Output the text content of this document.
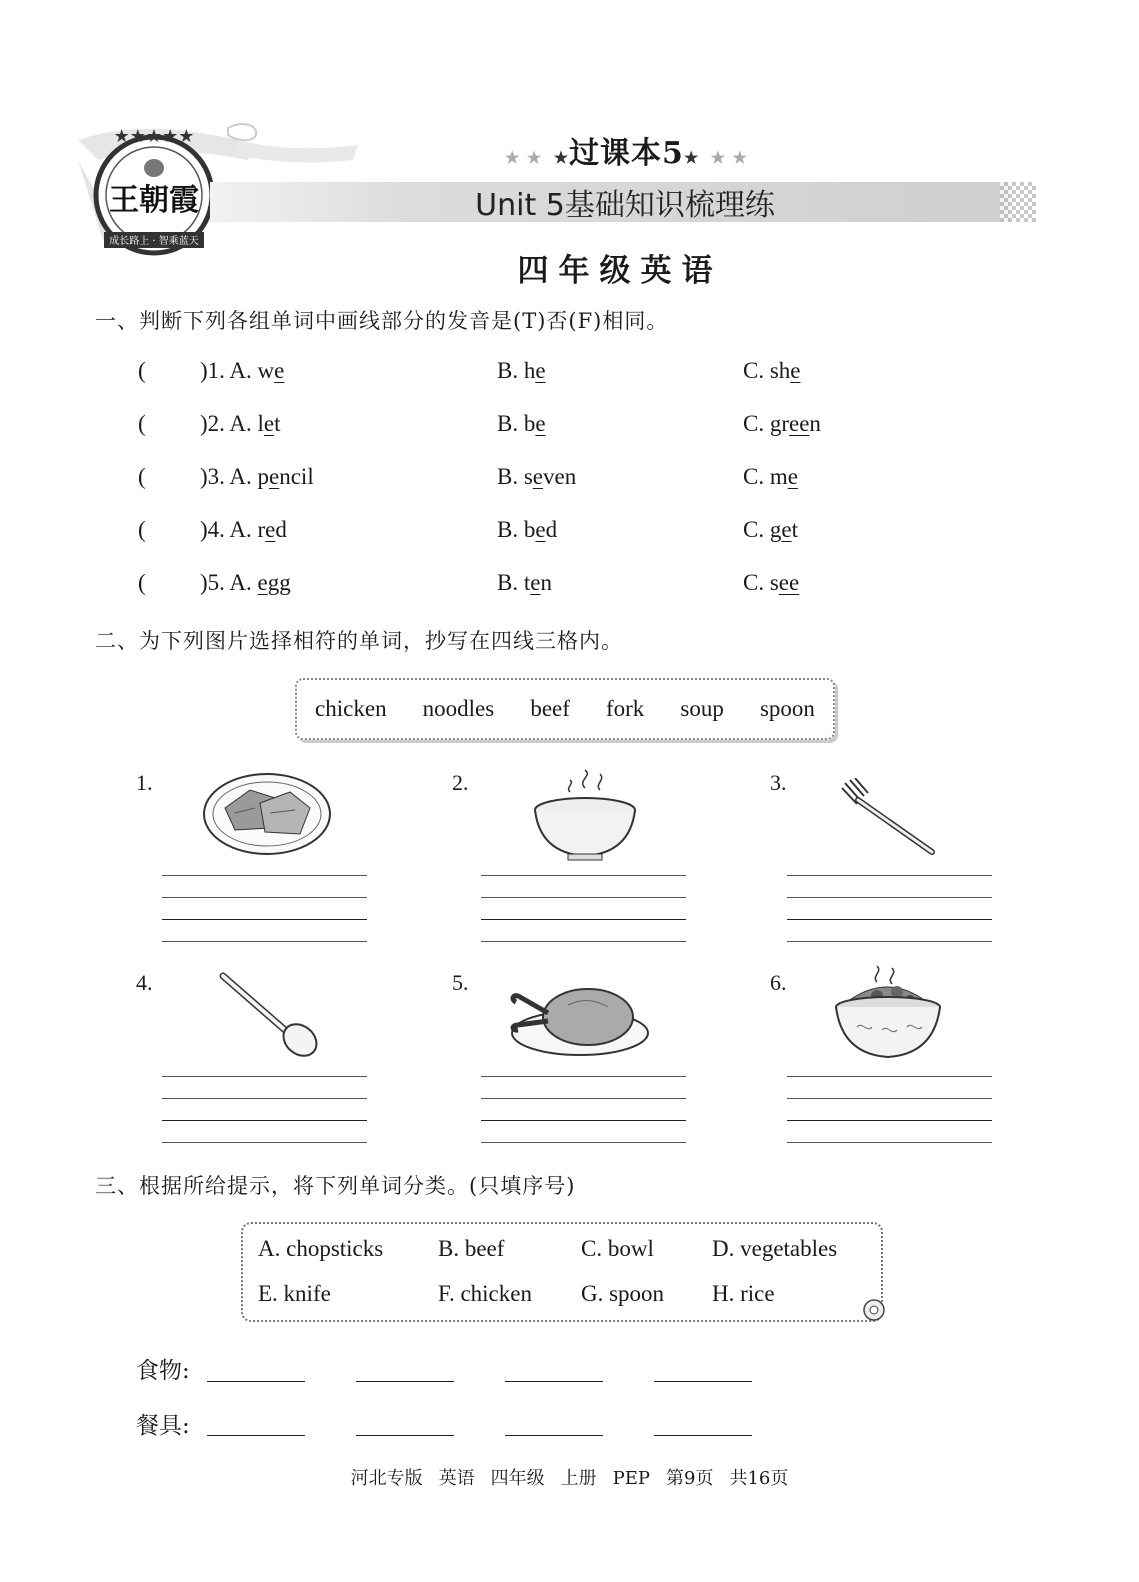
★★★★★
王朝霞
成长路上 · 智乘蓝天
★ ★ ★过课本5★ ★ ★
Unit 5基础知识梳理练
四年级英语
一、判断下列各组单词中画线部分的发音是(T)否(F)相同。
( )1. A. we	B. he	C. she
( )2. A. let	B. be	C. green
( )3. A. pencil	B. seven	C. me
( )4. A. red	B. bed	C. get
( )5. A. egg	B. ten	C. see
二、为下列图片选择相符的单词，抄写在四线三格内。
chicken noodles beef fork soup spoon
1.	2.	3.
4.	5.	6.
三、根据所给提示，将下列单词分类。(只填序号)
A. chopsticks B. beef	C. bowl	D. vegetables
E. knife	F. chicken G. spoon H. rice
食物:
餐具:
河北专版 英语 四年级 上册 PEP 第9页 共16页
